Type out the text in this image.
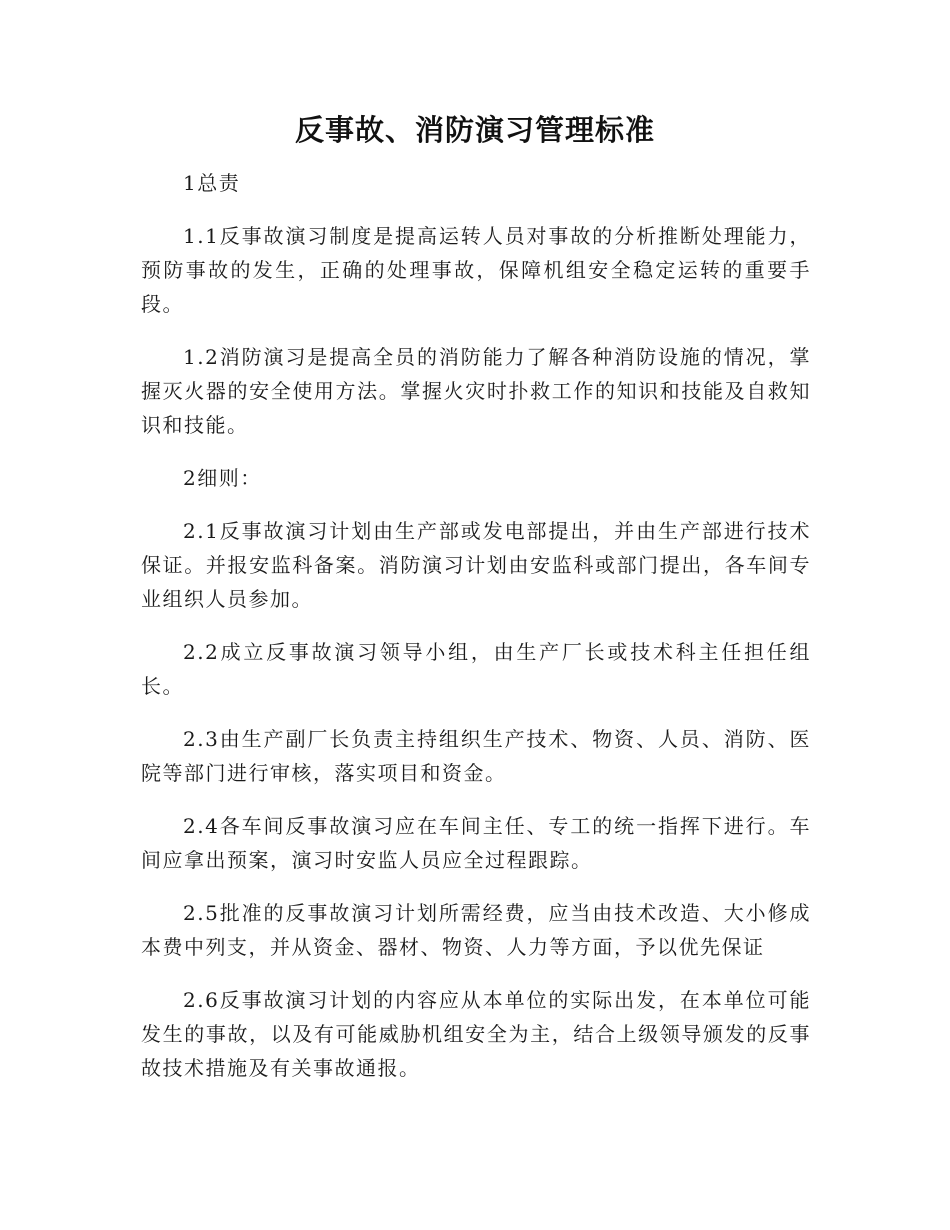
反事故、消防演习管理标准
1总责

1.1反事故演习制度是提高运转人员对事故的分析推断处理能力，预防事故的发生，正确的处理事故，保障机组安全稳定运转的重要手段。

1.2消防演习是提高全员的消防能力了解各种消防设施的情况，掌握灭火器的安全使用方法。掌握火灾时扑救工作的知识和技能及自救知识和技能。

2细则：

2.1反事故演习计划由生产部或发电部提出，并由生产部进行技术保证。并报安监科备案。消防演习计划由安监科或部门提出，各车间专业组织人员参加。

2.2成立反事故演习领导小组，由生产厂长或技术科主任担任组长。

2.3由生产副厂长负责主持组织生产技术、物资、人员、消防、医院等部门进行审核，落实项目和资金。

2.4各车间反事故演习应在车间主任、专工的统一指挥下进行。车间应拿出预案，演习时安监人员应全过程跟踪。

2.5批准的反事故演习计划所需经费，应当由技术改造、大小修成本费中列支，并从资金、器材、物资、人力等方面，予以优先保证

2.6反事故演习计划的内容应从本单位的实际出发，在本单位可能发生的事故，以及有可能威胁机组安全为主，结合上级领导颁发的反事故技术措施及有关事故通报。
